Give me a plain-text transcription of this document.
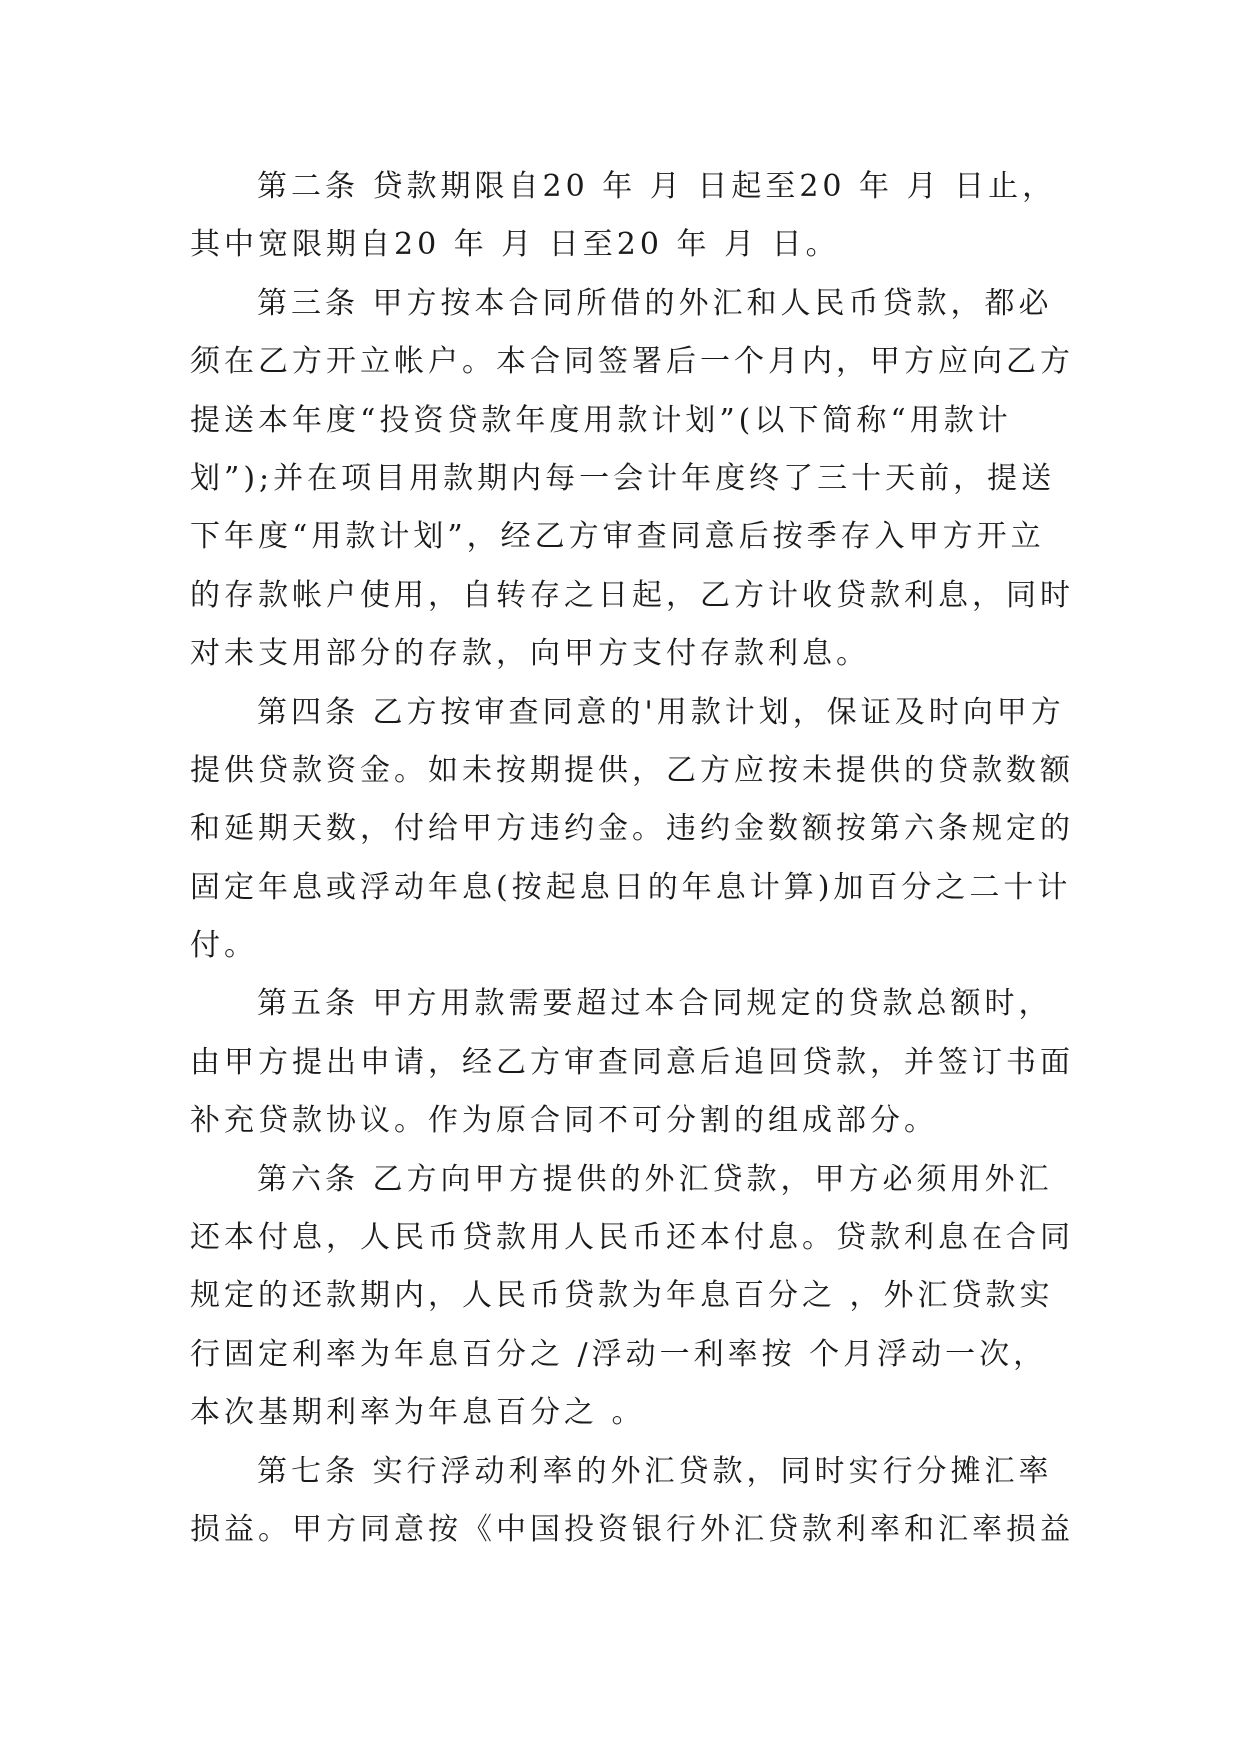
第二条 贷款期限自20 年 月 日起至20 年 月 日止，
其中宽限期自20 年 月 日至20 年 月 日。
第三条 甲方按本合同所借的外汇和人民币贷款，都必
须在乙方开立帐户。本合同签署后一个月内，甲方应向乙方
提送本年度“投资贷款年度用款计划”(以下简称“用款计
划”);并在项目用款期内每一会计年度终了三十天前，提送
下年度“用款计划”，经乙方审查同意后按季存入甲方开立
的存款帐户使用，自转存之日起，乙方计收贷款利息，同时
对未支用部分的存款，向甲方支付存款利息。
第四条 乙方按审查同意的'用款计划，保证及时向甲方
提供贷款资金。如未按期提供，乙方应按未提供的贷款数额
和延期天数，付给甲方违约金。违约金数额按第六条规定的
固定年息或浮动年息(按起息日的年息计算)加百分之二十计
付。
第五条 甲方用款需要超过本合同规定的贷款总额时，
由甲方提出申请，经乙方审查同意后追回贷款，并签订书面
补充贷款协议。作为原合同不可分割的组成部分。
第六条 乙方向甲方提供的外汇贷款，甲方必须用外汇
还本付息，人民币贷款用人民币还本付息。贷款利息在合同
规定的还款期内，人民币贷款为年息百分之 ，外汇贷款实
行固定利率为年息百分之 /浮动一利率按 个月浮动一次，
本次基期利率为年息百分之 。
第七条 实行浮动利率的外汇贷款，同时实行分摊汇率
损益。甲方同意按《中国投资银行外汇贷款利率和汇率损益
